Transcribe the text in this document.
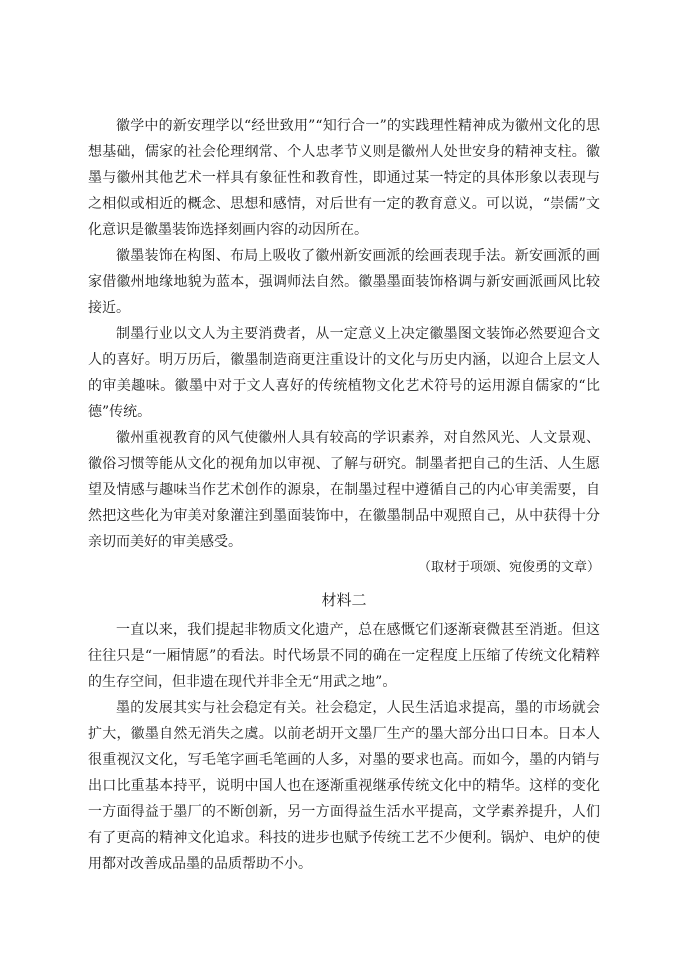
徽学中的新安理学以“经世致用”“知行合一”的实践理性精神成为徽州文化的思想基础，儒家的社会伦理纲常、个人忠孝节义则是徽州人处世安身的精神支柱。徽墨与徽州其他艺术一样具有象征性和教育性，即通过某一特定的具体形象以表现与之相似或相近的概念、思想和感情，对后世有一定的教育意义。可以说，“崇儒”文化意识是徽墨装饰选择刻画内容的动因所在。

徽墨装饰在构图、布局上吸收了徽州新安画派的绘画表现手法。新安画派的画家借徽州地缘地貌为蓝本，强调师法自然。徽墨墨面装饰格调与新安画派画风比较接近。

制墨行业以文人为主要消费者，从一定意义上决定徽墨图文装饰必然要迎合文人的喜好。明万历后，徽墨制造商更注重设计的文化与历史内涵，以迎合上层文人的审美趣味。徽墨中对于文人喜好的传统植物文化艺术符号的运用源自儒家的“比德”传统。

徽州重视教育的风气使徽州人具有较高的学识素养，对自然风光、人文景观、徽俗习惯等能从文化的视角加以审视、了解与研究。制墨者把自己的生活、人生愿望及情感与趣味当作艺术创作的源泉，在制墨过程中遵循自己的内心审美需要，自然把这些化为审美对象灌注到墨面装饰中，在徽墨制品中观照自己，从中获得十分亲切而美好的审美感受。

（取材于项颂、宛俊勇的文章）

材料二

一直以来，我们提起非物质文化遗产，总在感慨它们逐渐衰微甚至消逝。但这往往只是“一厢情愿”的看法。时代场景不同的确在一定程度上压缩了传统文化精粹的生存空间，但非遗在现代并非全无“用武之地”。

墨的发展其实与社会稳定有关。社会稳定，人民生活追求提高，墨的市场就会扩大，徽墨自然无消失之虞。以前老胡开文墨厂生产的墨大部分出口日本。日本人很重视汉文化，写毛笔字画毛笔画的人多，对墨的要求也高。而如今，墨的内销与出口比重基本持平，说明中国人也在逐渐重视继承传统文化中的精华。这样的变化一方面得益于墨厂的不断创新，另一方面得益生活水平提高，文学素养提升，人们有了更高的精神文化追求。科技的进步也赋予传统工艺不少便利。锅炉、电炉的使用都对改善成品墨的品质帮助不小。
